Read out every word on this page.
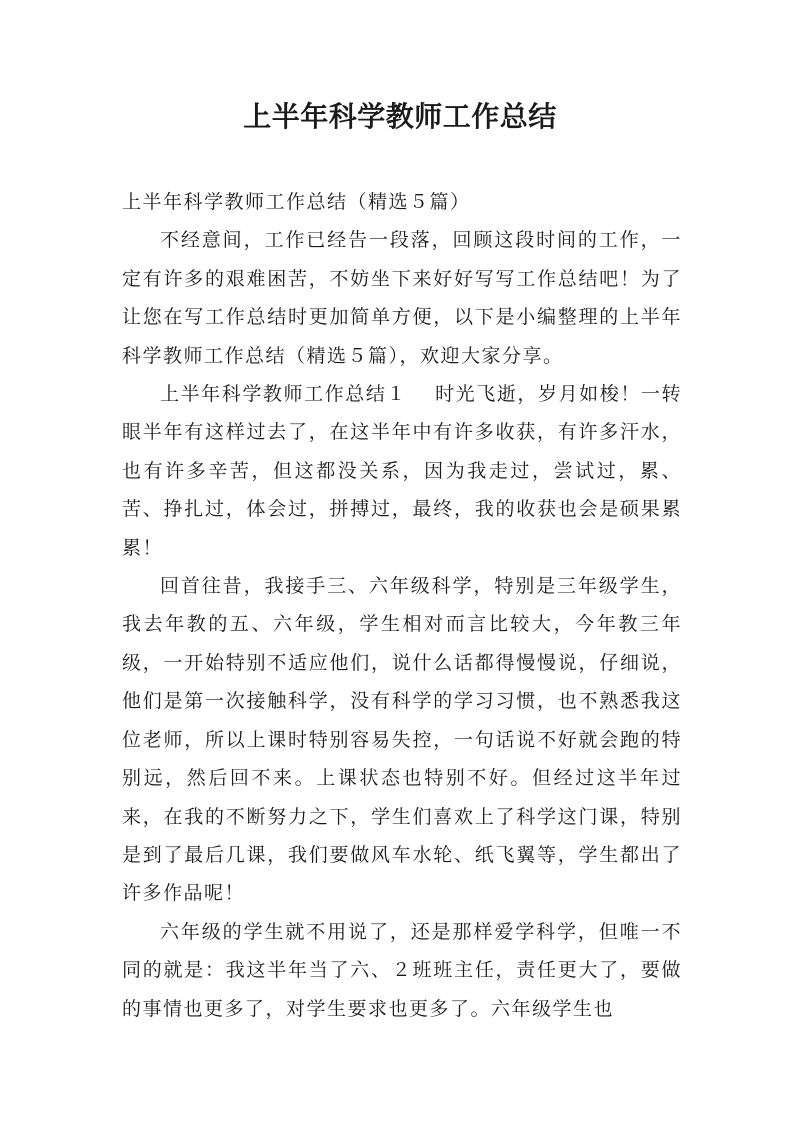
上半年科学教师工作总结

上半年科学教师工作总结（精选５篇）

不经意间，工作已经告一段落，回顾这段时间的工作，一定有许多的艰难困苦，不妨坐下来好好写写工作总结吧！为了让您在写工作总结时更加简单方便，以下是小编整理的上半年科学教师工作总结（精选５篇），欢迎大家分享。

上半年科学教师工作总结１ 时光飞逝，岁月如梭！一转眼半年有这样过去了，在这半年中有许多收获，有许多汗水，也有许多辛苦，但这都没关系，因为我走过，尝试过，累、苦、挣扎过，体会过，拼搏过，最终，我的收获也会是硕果累累！

回首往昔，我接手三、六年级科学，特别是三年级学生，我去年教的五、六年级，学生相对而言比较大，今年教三年级，一开始特别不适应他们，说什么话都得慢慢说，仔细说，他们是第一次接触科学，没有科学的学习习惯，也不熟悉我这位老师，所以上课时特别容易失控，一句话说不好就会跑的特别远，然后回不来。上课状态也特别不好。但经过这半年过来，在我的不断努力之下，学生们喜欢上了科学这门课，特别是到了最后几课，我们要做风车水轮、纸飞翼等，学生都出了许多作品呢！

六年级的学生就不用说了，还是那样爱学科学，但唯一不同的就是：我这半年当了六、２班班主任，责任更大了，要做的事情也更多了，对学生要求也更多了。六年级学生也
